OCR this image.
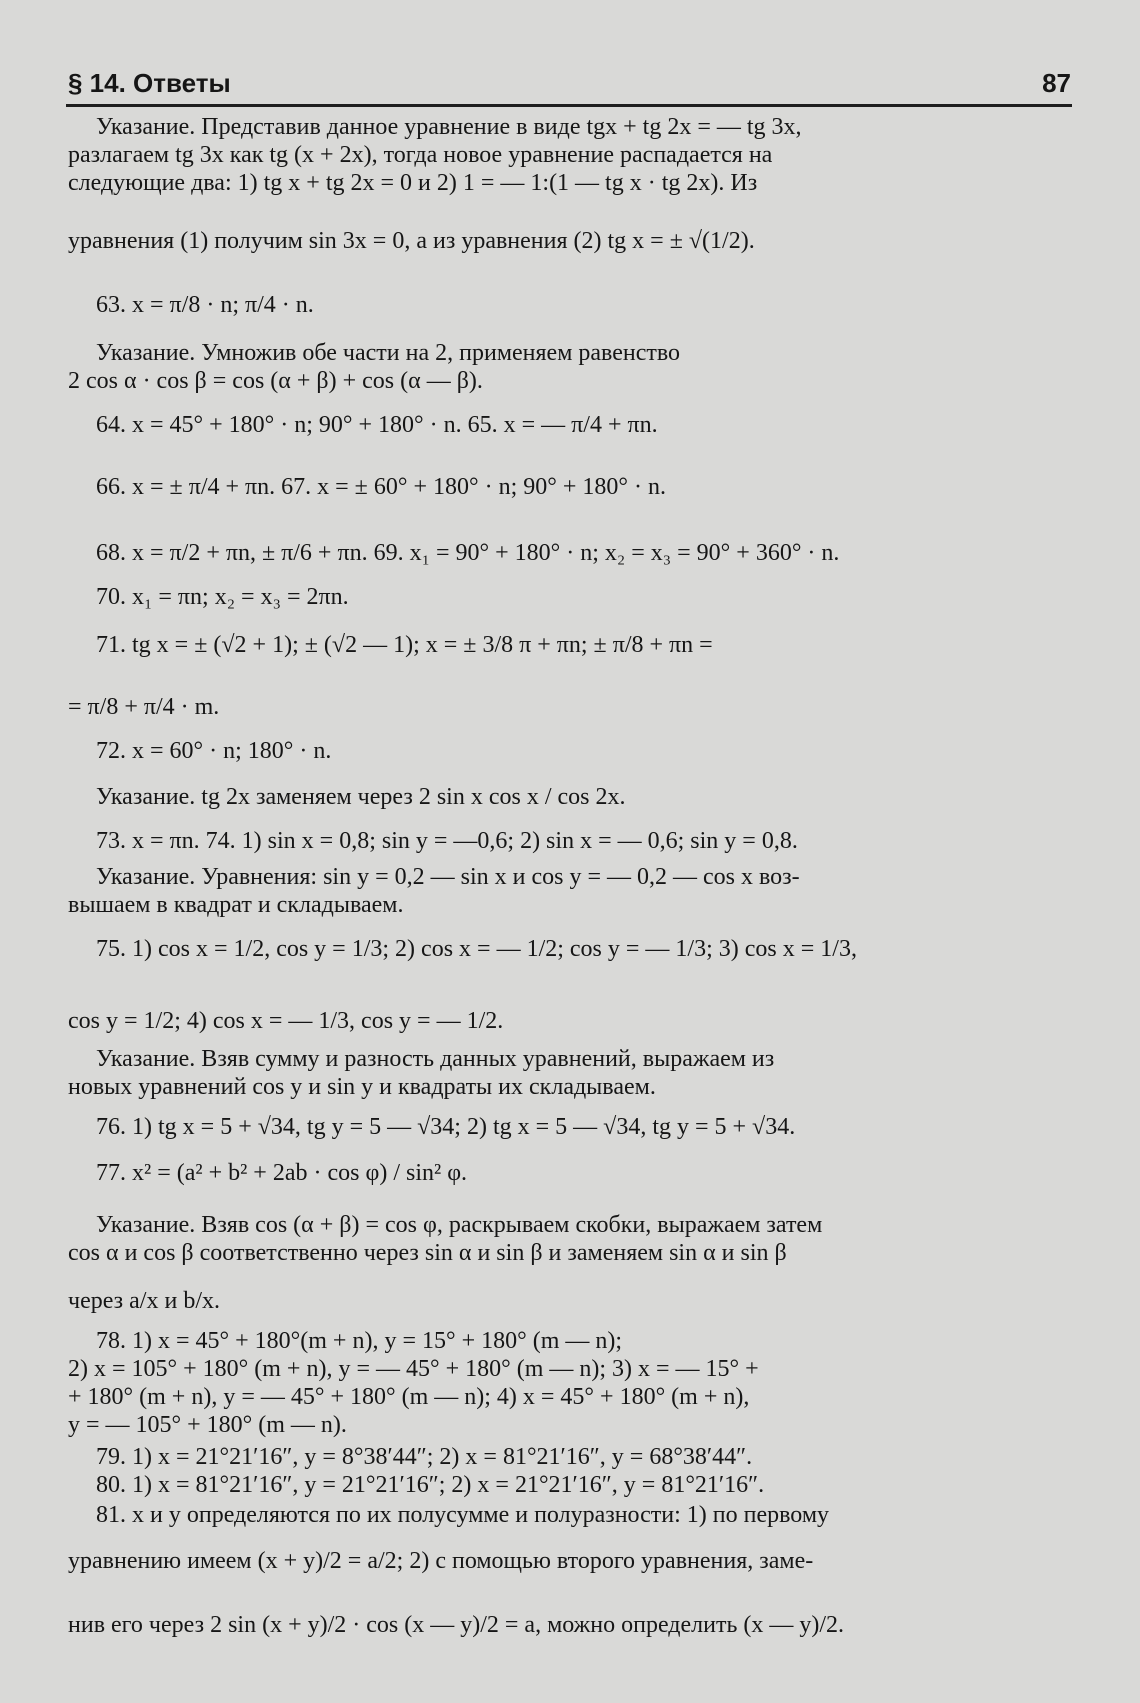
§ 14. Ответы	87
Указание. Представив данное уравнение в виде tgx + tg 2x = — tg 3x,
разлагаем tg 3x как tg (x + 2x), тогда новое уравнение распадается на
следующие два: 1) tg x + tg 2x = 0 и 2) 1 = — 1:(1 — tg x · tg 2x). Из
уравнения (1) получим sin 3x = 0, а из уравнения (2) tg x = ± √(1/2).
63. x = π/8 · n; π/4 · n.
Указание. Умножив обе части на 2, применяем равенство
2 cos α · cos β = cos (α + β) + cos (α — β).
64. x = 45° + 180° · n; 90° + 180° · n. 65. x = — π/4 + πn.
66. x = ± π/4 + πn. 67. x = ± 60° + 180° · n; 90° + 180° · n.
68. x = π/2 + πn, ± π/6 + πn. 69. x₁ = 90° + 180° · n; x₂ = x₃ = 90° + 360° · n.
70. x₁ = πn; x₂ = x₃ = 2πn.
71. tg x = ± (√2 + 1); ± (√2 — 1); x = ± 3/8 π + πn; ± π/8 + πn =
= π/8 + π/4 · m.
72. x = 60° · n; 180° · n.
Указание. tg 2x заменяем через 2 sin x cos x / cos 2x.
73. x = πn. 74. 1) sin x = 0,8; sin y = —0,6; 2) sin x = — 0,6; sin y = 0,8.
Указание. Уравнения: sin y = 0,2 — sin x и cos y = — 0,2 — cos x воз-
вышаем в квадрат и складываем.
75. 1) cos x = 1/2, cos y = 1/3; 2) cos x = — 1/2; cos y = — 1/3; 3) cos x = 1/3,
cos y = 1/2; 4) cos x = — 1/3, cos y = — 1/2.
Указание. Взяв сумму и разность данных уравнений, выражаем из
новых уравнений cos y и sin y и квадраты их складываем.
76. 1) tg x = 5 + √34, tg y = 5 — √34; 2) tg x = 5 — √34, tg y = 5 + √34.
77. x² = (a² + b² + 2ab · cos φ) / sin² φ.
Указание. Взяв cos (α + β) = cos φ, раскрываем скобки, выражаем затем
cos α и cos β соответственно через sin α и sin β и заменяем sin α и sin β
через a/x и b/x.
78. 1) x = 45° + 180°(m + n), y = 15° + 180° (m — n);
2) x = 105° + 180° (m + n), y = — 45° + 180° (m — n); 3) x = — 15° +
+ 180° (m + n), y = — 45° + 180° (m — n); 4) x = 45° + 180° (m + n),
y = — 105° + 180° (m — n).
79. 1) x = 21°21′16″, y = 8°38′44″; 2) x = 81°21′16″, y = 68°38′44″.
80. 1) x = 81°21′16″, y = 21°21′16″; 2) x = 21°21′16″, y = 81°21′16″.
81. x и y определяются по их полусумме и полуразности: 1) по первому
уравнению имеем (x + y)/2 = a/2; 2) с помощью второго уравнения, заме-
нив его через 2 sin (x + y)/2 · cos (x — y)/2 = a, можно определить (x — y)/2.
